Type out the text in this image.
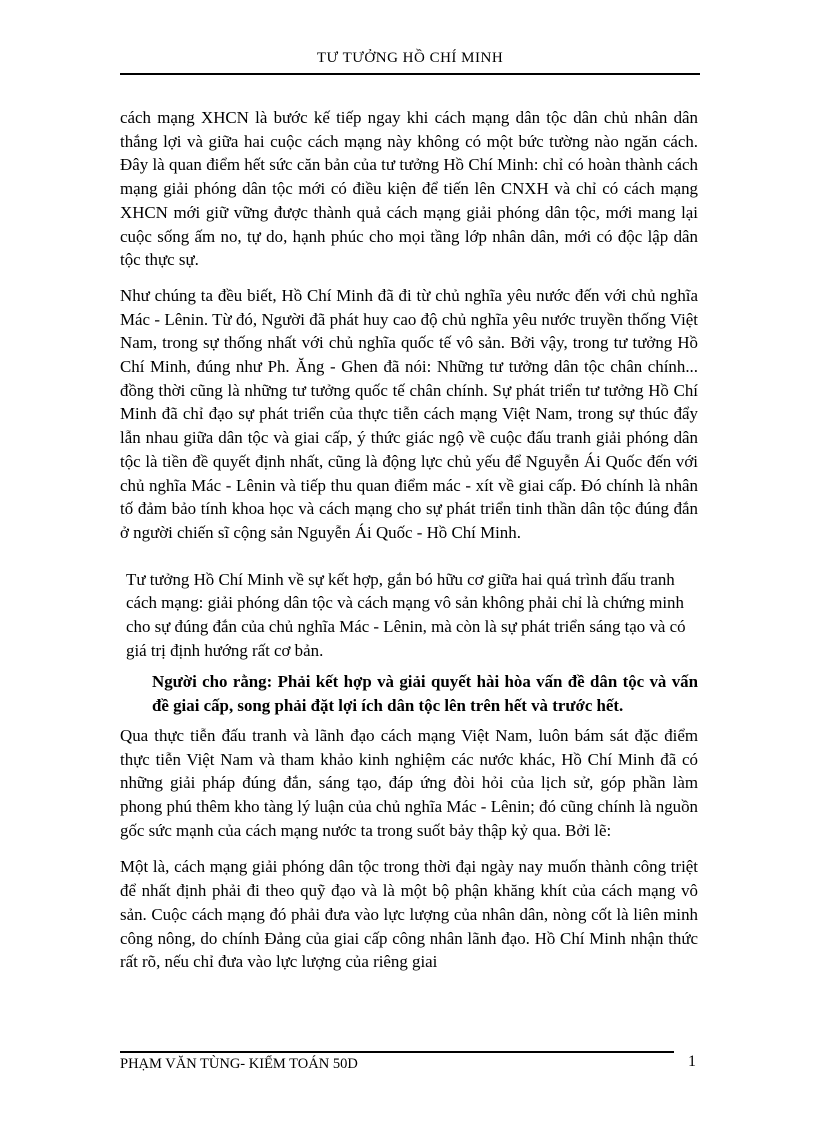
TƯ TƯỞNG HỒ CHÍ MINH

cách mạng XHCN là bước kế tiếp ngay khi cách mạng dân tộc dân chủ nhân dân thắng lợi và giữa hai cuộc cách mạng này không có một bức tường nào ngăn cách. Đây là quan điểm hết sức căn bản của tư tưởng Hồ Chí Minh: chỉ có hoàn thành cách mạng giải phóng dân tộc mới có điều kiện để tiến lên CNXH và chỉ có cách mạng XHCN mới giữ vững được thành quả cách mạng giải phóng dân tộc, mới mang lại cuộc sống ấm no, tự do, hạnh phúc cho mọi tầng lớp nhân dân, mới có độc lập dân tộc thực sự.

Như chúng ta đều biết, Hồ Chí Minh đã đi từ chủ nghĩa yêu nước đến với chủ nghĩa Mác - Lênin. Từ đó, Người đã phát huy cao độ chủ nghĩa yêu nước truyền thống Việt Nam, trong sự thống nhất với chủ nghĩa quốc tế vô sản. Bởi vậy, trong tư tưởng Hồ Chí Minh, đúng như Ph. Ăng - Ghen đã nói: Những tư tưởng dân tộc chân chính... đồng thời cũng là những tư tưởng quốc tế chân chính. Sự phát triển tư tưởng Hồ Chí Minh đã chỉ đạo sự phát triển của thực tiễn cách mạng Việt Nam, trong sự thúc đẩy lẫn nhau giữa dân tộc và giai cấp, ý thức giác ngộ về cuộc đấu tranh giải phóng dân tộc là tiền đề quyết định nhất, cũng là động lực chủ yếu để Nguyễn Ái Quốc đến với chủ nghĩa Mác - Lênin và tiếp thu quan điểm mác - xít về giai cấp. Đó chính là nhân tố đảm bảo tính khoa học và cách mạng cho sự phát triển tinh thần dân tộc đúng đắn ở người chiến sĩ cộng sản Nguyễn Ái Quốc - Hồ Chí Minh.

Tư tưởng Hồ Chí Minh về sự kết hợp, gắn bó hữu cơ giữa hai quá trình đấu tranh cách mạng: giải phóng dân tộc và cách mạng vô sản không phải chỉ là chứng minh cho sự đúng đắn của chủ nghĩa Mác - Lênin, mà còn là sự phát triển sáng tạo và có giá trị định hướng rất cơ bản.

Người cho rằng: Phải kết hợp và giải quyết hài hòa vấn đề dân tộc và vấn đề giai cấp, song phải đặt lợi ích dân tộc lên trên hết và trước hết.

Qua thực tiễn đấu tranh và lãnh đạo cách mạng Việt Nam, luôn bám sát đặc điểm thực tiễn Việt Nam và tham khảo kinh nghiệm các nước khác, Hồ Chí Minh đã có những giải pháp đúng đắn, sáng tạo, đáp ứng đòi hỏi của lịch sử, góp phần làm phong phú thêm kho tàng lý luận của chủ nghĩa Mác - Lênin; đó cũng chính là nguồn gốc sức mạnh của cách mạng nước ta trong suốt bảy thập kỷ qua. Bởi lẽ:

Một là, cách mạng giải phóng dân tộc trong thời đại ngày nay muốn thành công triệt để nhất định phải đi theo quỹ đạo và là một bộ phận khăng khít của cách mạng vô sản. Cuộc cách mạng đó phải đưa vào lực lượng của nhân dân, nòng cốt là liên minh công nông, do chính Đảng của giai cấp công nhân lãnh đạo. Hồ Chí Minh nhận thức rất rõ, nếu chỉ đưa vào lực lượng của riêng giai

PHẠM VĂN TÙNG- KIỂM TOÁN 50D	1
